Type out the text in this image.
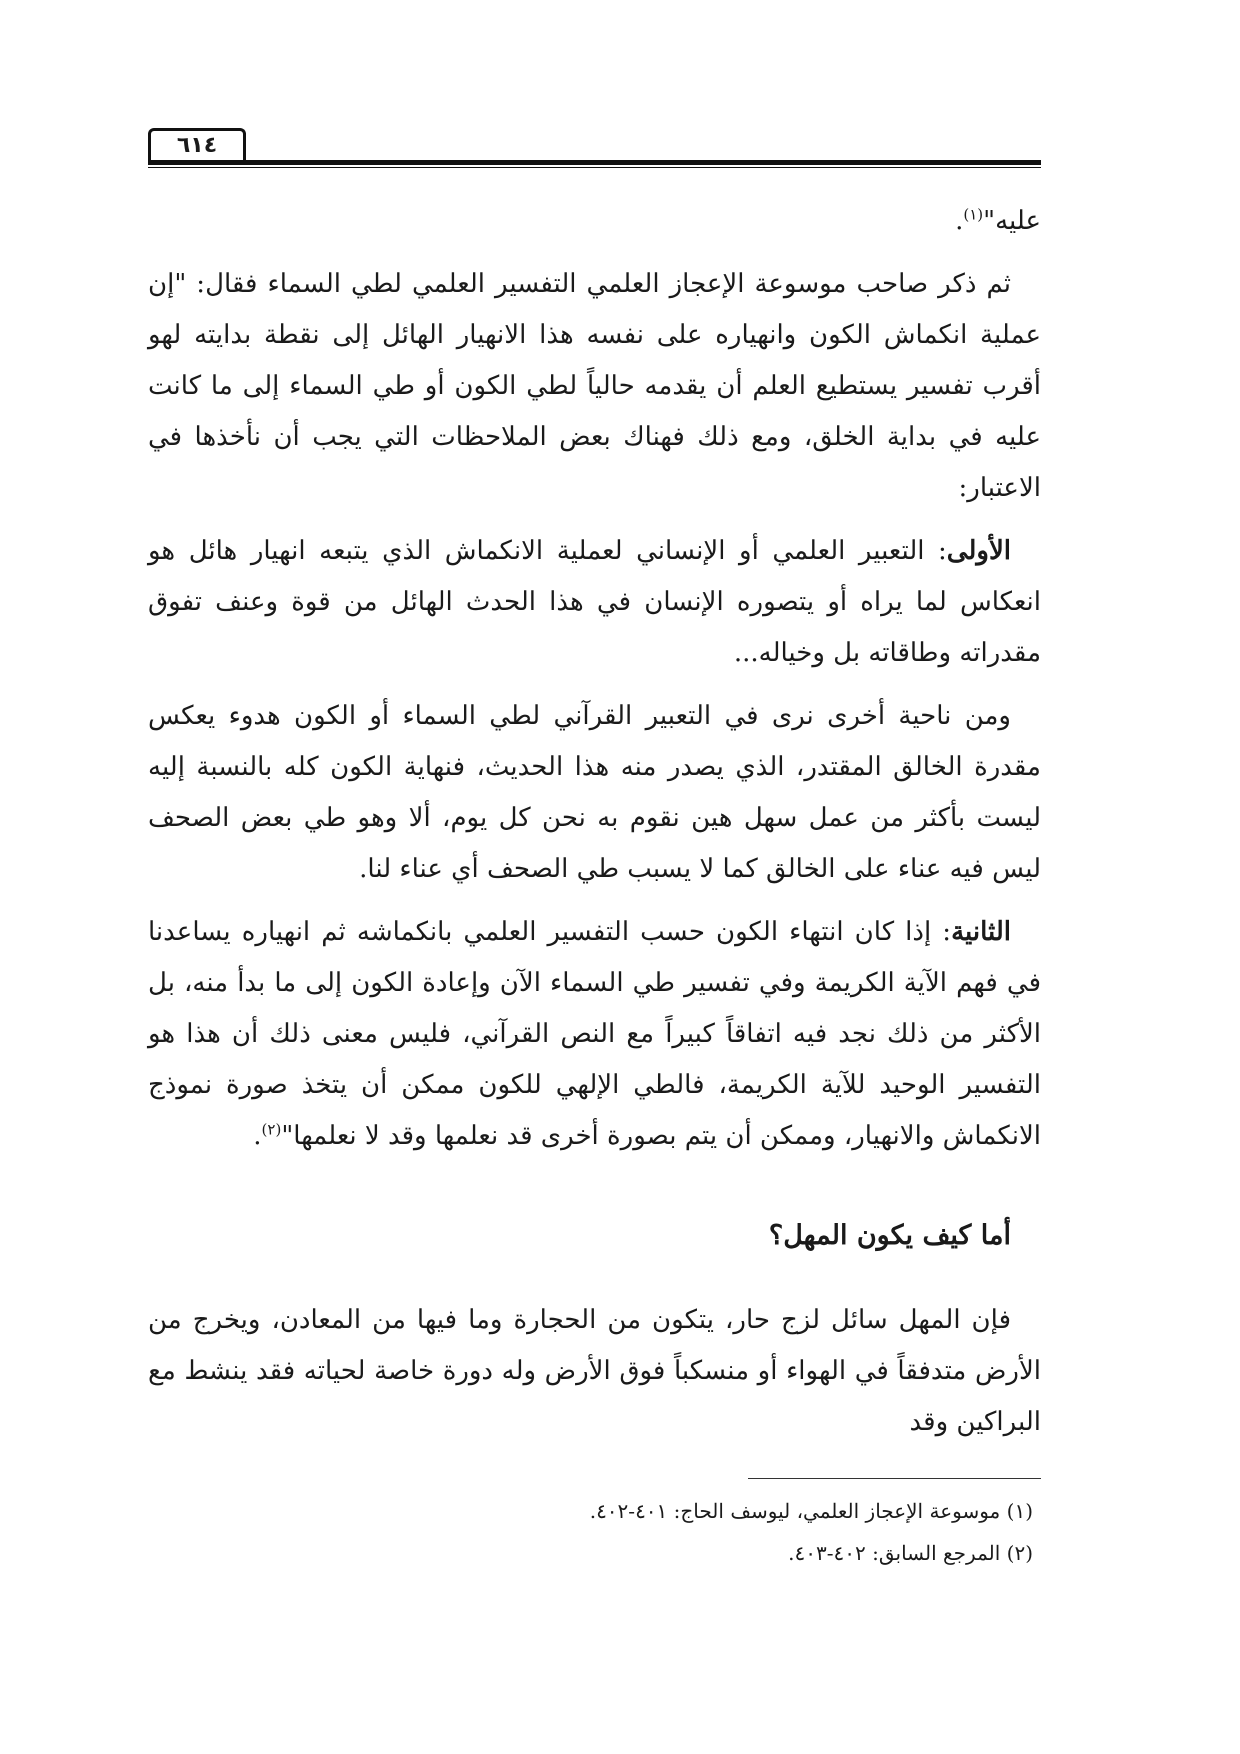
٦١٤

عليه"$^{(١)}$.

ثم ذكر صاحب موسوعة الإعجاز العلمي التفسير العلمي لطي السماء فقال: "إن عملية انكماش الكون وانهياره على نفسه هذا الانهيار الهائل إلى نقطة بدايته لهو أقرب تفسير يستطيع العلم أن يقدمه حالياً لطي الكون أو طي السماء إلى ما كانت عليه في بداية الخلق، ومع ذلك فهناك بعض الملاحظات التي يجب أن نأخذها في الاعتبار:

الأولى: التعبير العلمي أو الإنساني لعملية الانكماش الذي يتبعه انهيار هائل هو انعكاس لما يراه أو يتصوره الإنسان في هذا الحدث الهائل من قوة وعنف تفوق مقدراته وطاقاته بل وخياله...

ومن ناحية أخرى نرى في التعبير القرآني لطي السماء أو الكون هدوء يعكس مقدرة الخالق المقتدر، الذي يصدر منه هذا الحديث، فنهاية الكون كله بالنسبة إليه ليست بأكثر من عمل سهل هين نقوم به نحن كل يوم، ألا وهو طي بعض الصحف ليس فيه عناء على الخالق كما لا يسبب طي الصحف أي عناء لنا.

الثانية: إذا كان انتهاء الكون حسب التفسير العلمي بانكماشه ثم انهياره يساعدنا في فهم الآية الكريمة وفي تفسير طي السماء الآن وإعادة الكون إلى ما بدأ منه، بل الأكثر من ذلك نجد فيه اتفاقاً كبيراً مع النص القرآني، فليس معنى ذلك أن هذا هو التفسير الوحيد للآية الكريمة، فالطي الإلهي للكون ممكن أن يتخذ صورة نموذج الانكماش والانهيار، وممكن أن يتم بصورة أخرى قد نعلمها وقد لا نعلمها"$^{(٢)}$.

أما كيف يكون المهل؟

فإن المهل سائل لزج حار، يتكون من الحجارة وما فيها من المعادن، ويخرج من الأرض متدفقاً في الهواء أو منسكباً فوق الأرض وله دورة خاصة لحياته فقد ينشط مع البراكين وقد

(١) موسوعة الإعجاز العلمي، ليوسف الحاج: ٤٠١-٤٠٢.
(٢) المرجع السابق: ٤٠٢-٤٠٣.
